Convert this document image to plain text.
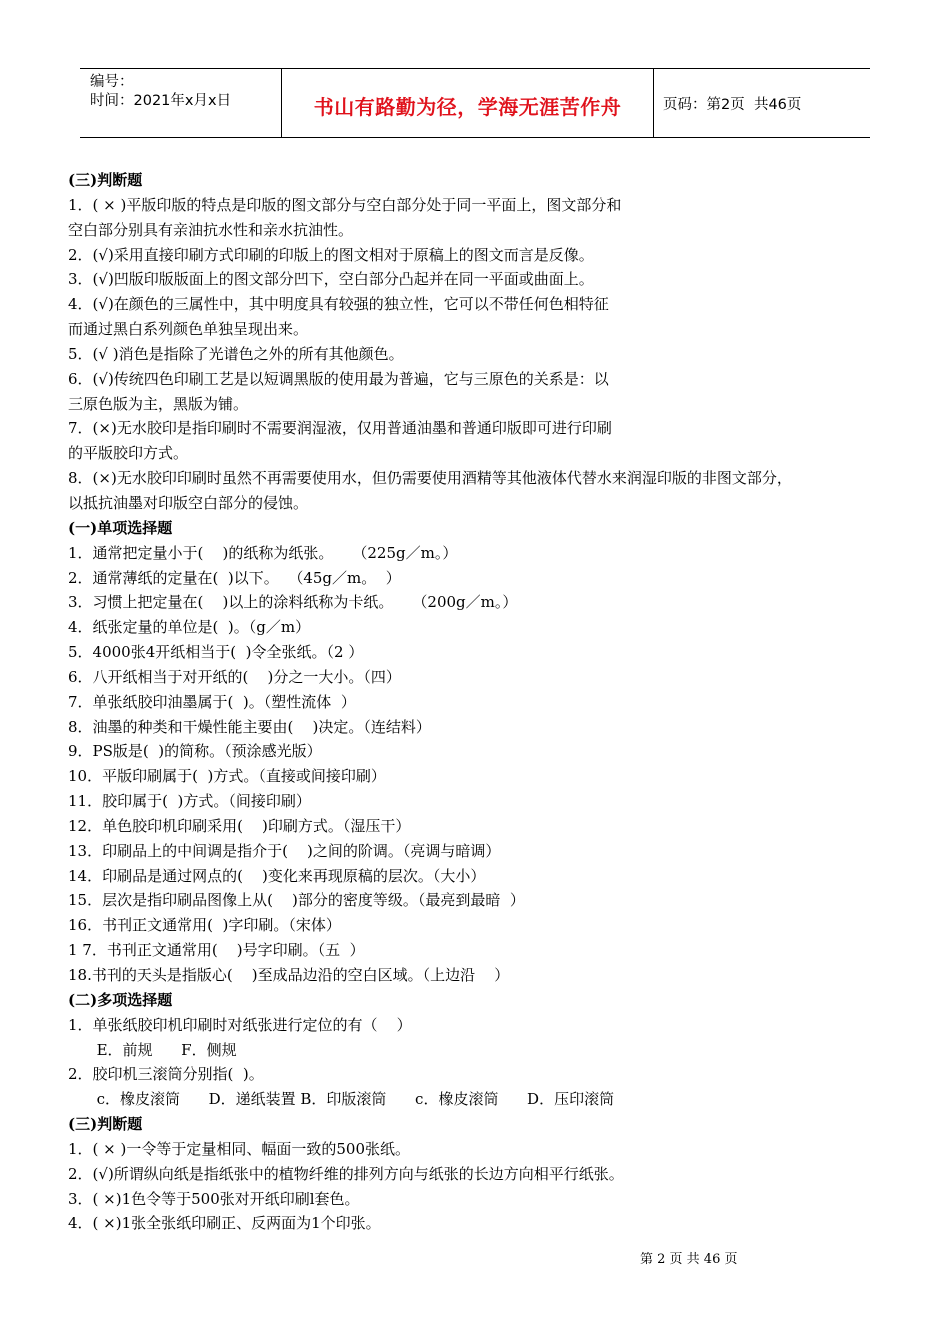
编号：
时间：2021年x月x日	书山有路勤为径，学海无涯苦作舟	页码：第2页  共46页
(三)判断题
1．( × )平版印版的特点是印版的图文部分与空白部分处于同一平面上，图文部分和
空白部分别具有亲油抗水性和亲水抗油性。
2．(√)采用直接印刷方式印刷的印版上的图文相对于原稿上的图文而言是反像。
3．(√)凹版印版版面上的图文部分凹下，空白部分凸起并在同一平面或曲面上。
4．(√)在颜色的三属性中，其中明度具有较强的独立性，它可以不带任何色相特征
而通过黑白系列颜色单独呈现出来。
5．(√ )消色是指除了光谱色之外的所有其他颜色。
6．(√)传统四色印刷工艺是以短调黑版的使用最为普遍，它与三原色的关系是：以
三原色版为主，黑版为铺。
7．(×)无水胶印是指印刷时不需要润湿液，仅用普通油墨和普通印版即可进行印刷
的平版胶印方式。
8．(×)无水胶印印刷时虽然不再需要使用水，但仍需要使用酒精等其他液体代替水来润湿印版的非图文部分，
以抵抗油墨对印版空白部分的侵蚀。
(一)单项选择题
1．通常把定量小于(    )的纸称为纸张。    （225g／m。）
2．通常薄纸的定量在(  )以下。  （45g／m。  ）
3．习惯上把定量在(    )以上的涂料纸称为卡纸。    （200g／m。）
4．纸张定量的单位是(  )。（g／m）
5．4000张4开纸相当于(  )令全张纸。（2 ）
6．八开纸相当于对开纸的(    )分之一大小。（四）
7．单张纸胶印油墨属于(  )。（塑性流体  ）
8．油墨的种类和干燥性能主要由(    )决定。（连结料）
9．PS版是(  )的简称。（预涂感光版）
10．平版印刷属于(  )方式。（直接或间接印刷）
11．胶印属于(  )方式。（间接印刷）
12．单色胶印机印刷采用(    )印刷方式。（湿压干）
13．印刷品上的中间调是指介于(    )之间的阶调。（亮调与暗调）
14．印刷品是通过网点的(    )变化来再现原稿的层次。（大小）
15．层次是指印刷品图像上从(    )部分的密度等级。（最亮到最暗  ）
16．书刊正文通常用(  )字印刷。（宋体）
1 7．书刊正文通常用(    )号字印刷。（五  ）
18.书刊的天头是指版心(    )至成品边沿的空白区域。（上边沿    ）
(二)多项选择题
1．单张纸胶印机印刷时对纸张进行定位的有（    ）
E．前规      F．侧规
2．胶印机三滚筒分别指(  )。
c．橡皮滚筒      D．递纸装置 B．印版滚筒      c．橡皮滚筒      D．压印滚筒
(三)判断题
1．( × )一令等于定量相同、幅面一致的500张纸。
2．(√)所谓纵向纸是指纸张中的植物纤维的排列方向与纸张的长边方向相平行纸张。
3．( ×)1色令等于500张对开纸印刷l套色。
4．( ×)1张全张纸印刷正、反两面为1个印张。
第 2 页 共 46 页
